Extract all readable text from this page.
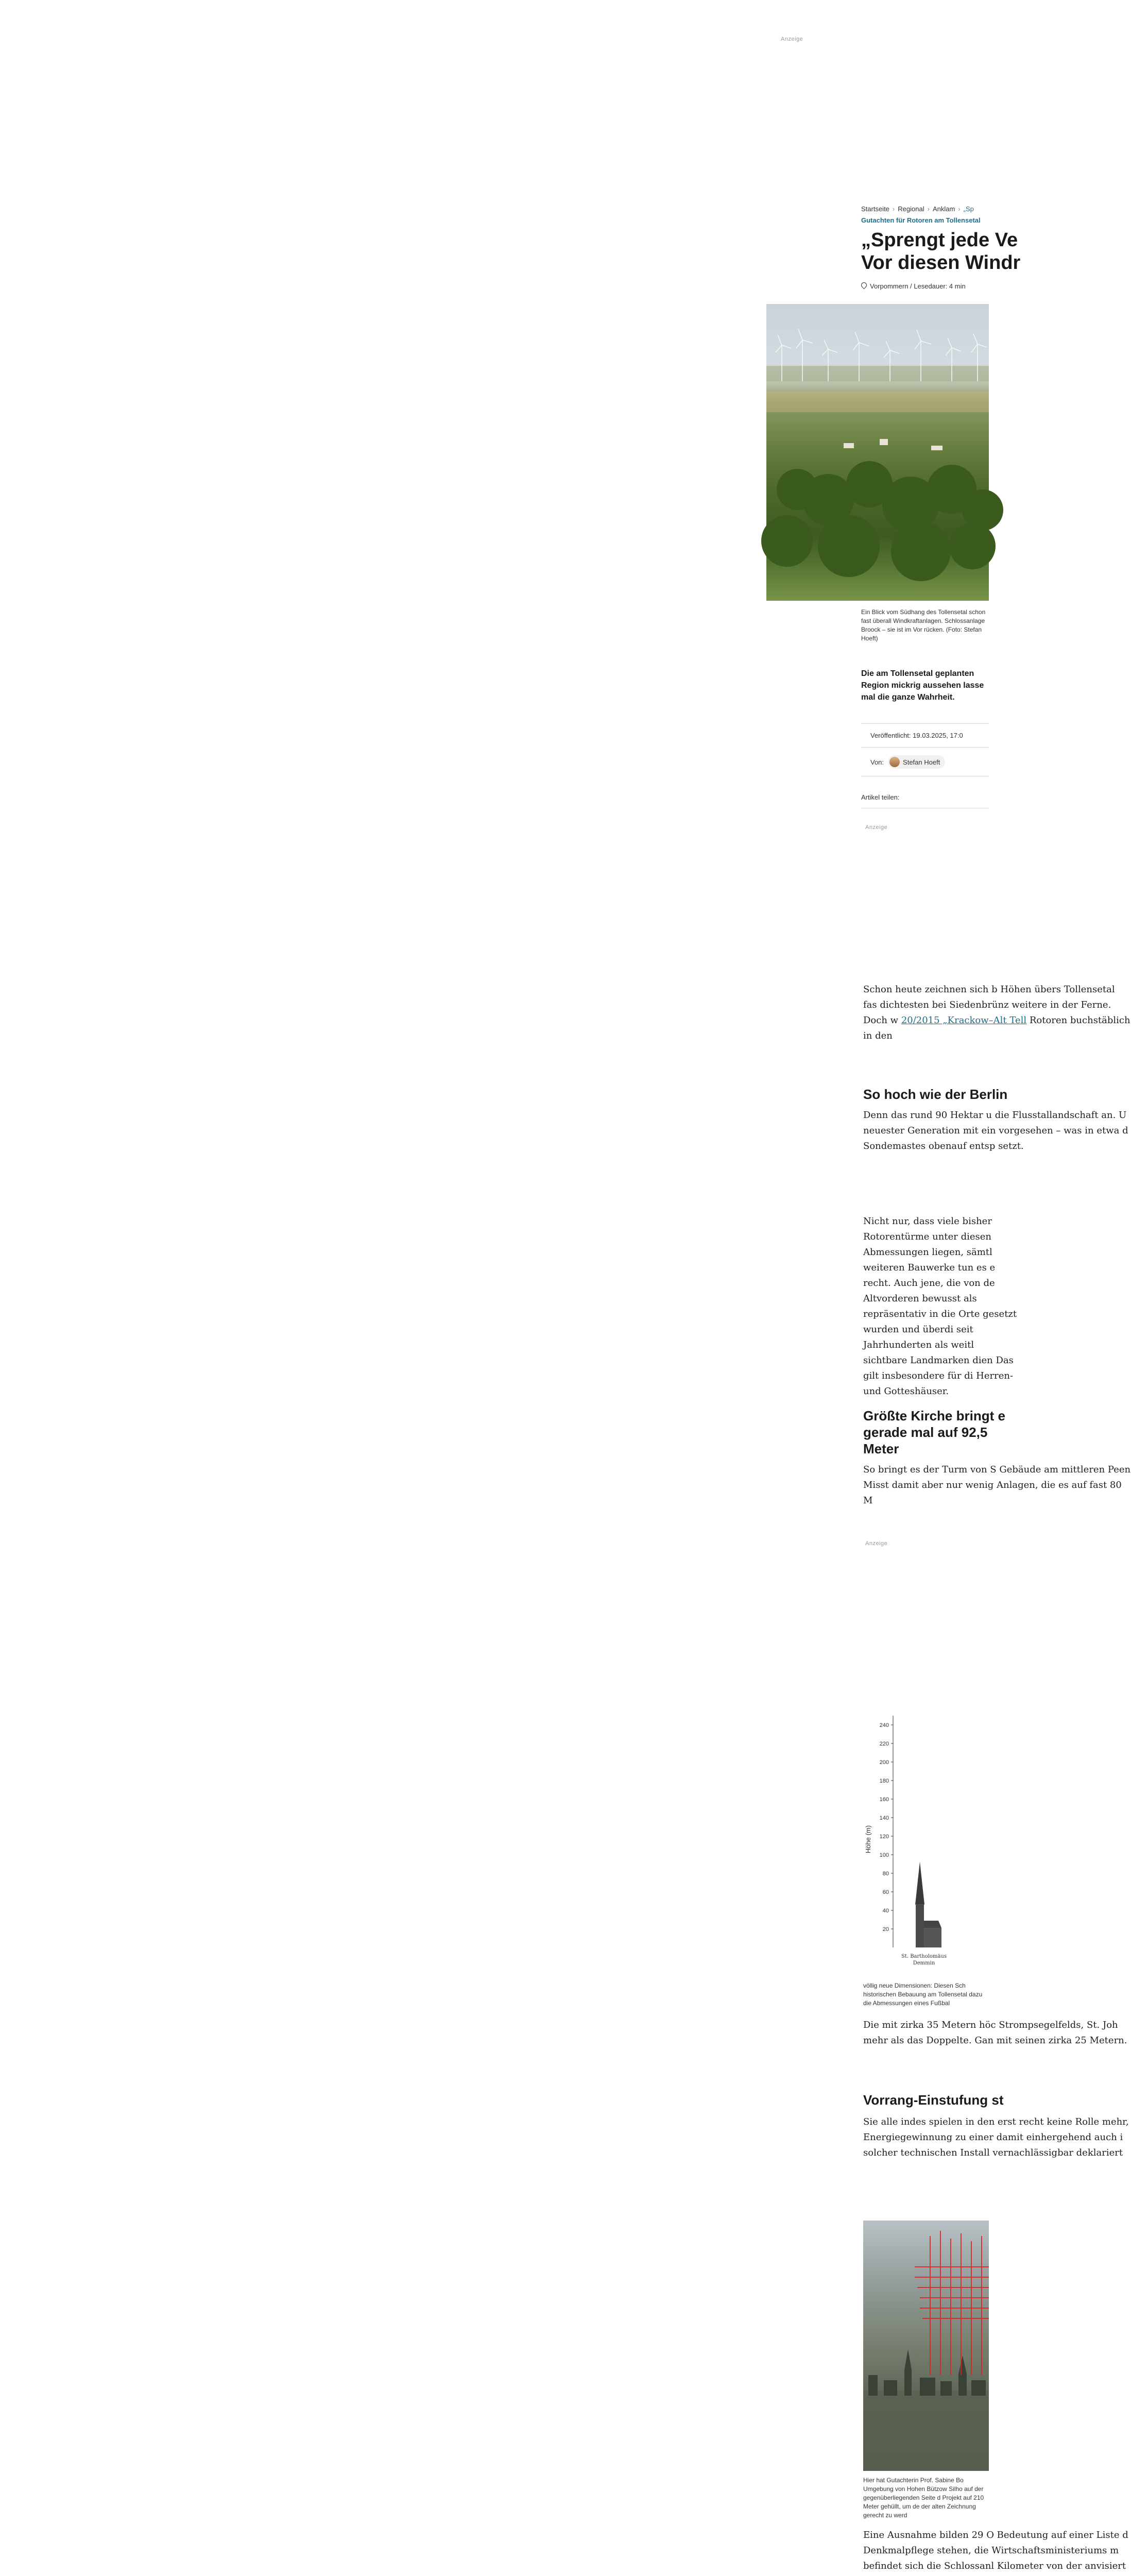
Anzeige
Startseite › Regional › Anklam › „Sp
Gutachten für Rotoren am Tollensetal
„Sprengt jede Ve
Vor diesen Windr
Vorpommern / Lesedauer: 4 min
Ein Blick vom Südhang des Tollensetal schon fast überall Windkraftanlagen. Schlossanlage Broock – sie ist im Vor rücken. (Foto: Stefan Hoeft)
Die am Tollensetal geplanten Region mickrig aussehen lasse mal die ganze Wahrheit.
Veröffentlicht: 19.03.2025, 17:0
Von:	Stefan Hoeft
Artikel teilen:
Anzeige

Schon heute zeichnen sich b Höhen übers Tollensetal fas dichtesten bei Siedenbrünz weitere in der Ferne. Doch w 20/2015 „Krackow–Alt Tell Rotoren buchstäblich in den

So hoch wie der Berlin

Denn das rund 90 Hektar u die Flusstallandschaft an. U neuester Generation mit ein vorgesehen – was in etwa d Sondemastes obenauf entsp setzt.

Nicht nur, dass viele bisher Rotorentürme unter diesen Abmessungen liegen, sämtl weiteren Bauwerke tun es e recht. Auch jene, die von de Altvorderen bewusst als repräsentativ in die Orte gesetzt wurden und überdi seit Jahrhunderten als weitl sichtbare Landmarken dien Das gilt insbesondere für di Herren- und Gotteshäuser.

Größte Kirche bringt e gerade mal auf 92,5 Meter

So bringt es der Turm von S Gebäude am mittleren Peen Misst damit aber nur wenig Anlagen, die es auf fast 80 M

Anzeige
Höhe (m)
20
40
60
80
100
120
140
160
180
200
220
240
St. Bartholomäus Demmin
völlig neue Dimensionen: Diesen Sch historischen Bebauung am Tollensetal dazu die Abmessungen eines Fußbal

Die mit zirka 35 Metern höc Strompsegelfelds, St. Joh mehr als das Doppelte. Gan mit seinen zirka 25 Metern.

Vorrang-Einstufung st

Sie alle indes spielen in den erst recht keine Rolle mehr, Energiegewinnung zu einer damit einhergehend auch i solcher technischen Install vernachlässigbar deklariert

Hier hat Gutachterin Prof. Sabine Bo Umgebung von Hohen Bützow Silho auf der gegenüberliegenden Seite d Projekt auf 210 Meter gehüllt, um de der alten Zeichnung gerecht zu werd

Eine Ausnahme bilden 29 O Bedeutung auf einer Liste d Denkmalpflege stehen, die Wirtschaftsministeriums m befindet sich die Schlossanl Kilometer von der anvisiert
